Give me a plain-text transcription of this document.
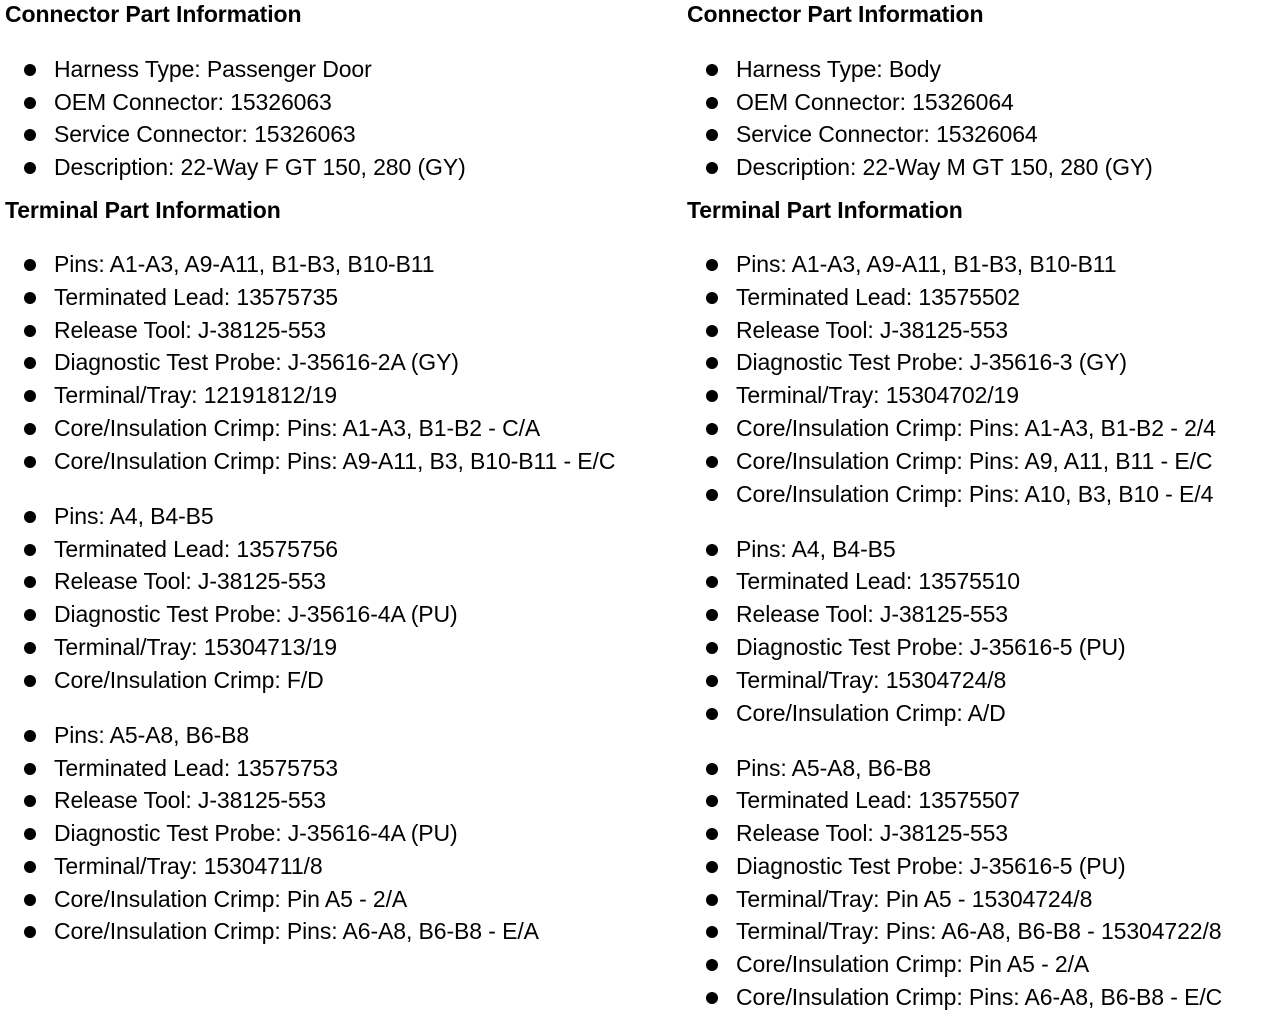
Connector Part Information
Harness Type: Passenger Door
OEM Connector: 15326063
Service Connector: 15326063
Description: 22-Way F GT 150, 280 (GY)
Terminal Part Information
Pins: A1-A3, A9-A11, B1-B3, B10-B11
Terminated Lead: 13575735
Release Tool: J-38125-553
Diagnostic Test Probe: J-35616-2A (GY)
Terminal/Tray: 12191812/19
Core/Insulation Crimp: Pins: A1-A3, B1-B2 - C/A
Core/Insulation Crimp: Pins: A9-A11, B3, B10-B11 - E/C
Pins: A4, B4-B5
Terminated Lead: 13575756
Release Tool: J-38125-553
Diagnostic Test Probe: J-35616-4A (PU)
Terminal/Tray: 15304713/19
Core/Insulation Crimp: F/D
Pins: A5-A8, B6-B8
Terminated Lead: 13575753
Release Tool: J-38125-553
Diagnostic Test Probe: J-35616-4A (PU)
Terminal/Tray: 15304711/8
Core/Insulation Crimp: Pin A5 - 2/A
Core/Insulation Crimp: Pins: A6-A8, B6-B8 - E/A
Connector Part Information
Harness Type: Body
OEM Connector: 15326064
Service Connector: 15326064
Description: 22-Way M GT 150, 280 (GY)
Terminal Part Information
Pins: A1-A3, A9-A11, B1-B3, B10-B11
Terminated Lead: 13575502
Release Tool: J-38125-553
Diagnostic Test Probe: J-35616-3 (GY)
Terminal/Tray: 15304702/19
Core/Insulation Crimp: Pins: A1-A3, B1-B2 - 2/4
Core/Insulation Crimp: Pins: A9, A11, B11 - E/C
Core/Insulation Crimp: Pins: A10, B3, B10 - E/4
Pins: A4, B4-B5
Terminated Lead: 13575510
Release Tool: J-38125-553
Diagnostic Test Probe: J-35616-5 (PU)
Terminal/Tray: 15304724/8
Core/Insulation Crimp: A/D
Pins: A5-A8, B6-B8
Terminated Lead: 13575507
Release Tool: J-38125-553
Diagnostic Test Probe: J-35616-5 (PU)
Terminal/Tray: Pin A5 - 15304724/8
Terminal/Tray: Pins: A6-A8, B6-B8 - 15304722/8
Core/Insulation Crimp: Pin A5 - 2/A
Core/Insulation Crimp: Pins: A6-A8, B6-B8 - E/C
